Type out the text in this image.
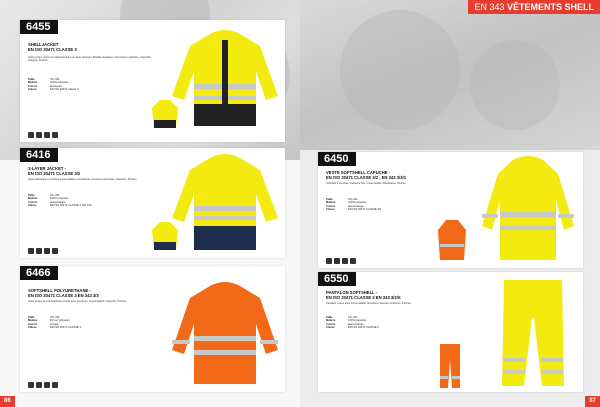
6455
SHELLJACKET
EN ISO 20471 CLASSE 3
Veste coque mince et respirante dans un tissu résistant. Modèle classique. Fermeture à glissière. Capuche intégrée. Poches.
Taille	XS–4XL
Matière	100% polyester
Coloris	jaune/noir
Classe	EN ISO 20471 Classe 3
6416
3-LAYER JACKET -
EN ISO 20471 CLASSE 3/2
Veste technique 3 couches imperméable et respirante. Coutures étanchées. Capuche. Poches.
Taille	XS–4XL
Matière	100% polyester
Coloris	jaune/marine
Classe	EN ISO 20471 CLASSE 3, EN 343
6466
SOFTSHELL POLYURETHANE -
EN ISO 20471 CLASSE 3 EN 343 3/3
Veste coque en polyuréthane souple avec soudures. Imperméable. Capuche. Poches.
Taille	XS–4XL
Matière	PU sur polyester
Coloris	orange
Classe	EN ISO 20471 CLASSE 3
86
EN 343 VÊTEMENTS SHELL
6450
VESTE SOFTSHELL CAPUCHE -
EN ISO 20471 CLASSE 3/2 , EN 343 3/3/1
Softshell 3 couches. Capuche fixe. Imperméable. Respirante. Poches.
Taille	XS–4XL
Matière	100% polyester
Coloris	jaune/orange
Classe	EN ISO 20471 CLASSE 3/2
6550
PANTALON SOFTSHELL -
EN ISO 20471 CLASSE 2 EN 343 3/3/X
Pantalon coque avec imperméable. Respirant. Genoux renforcés. Poches.
Taille	XS–4XL
Matière	100% polyester
Coloris	jaune/orange
Classe	EN ISO 20471 CLASSE 2
87
